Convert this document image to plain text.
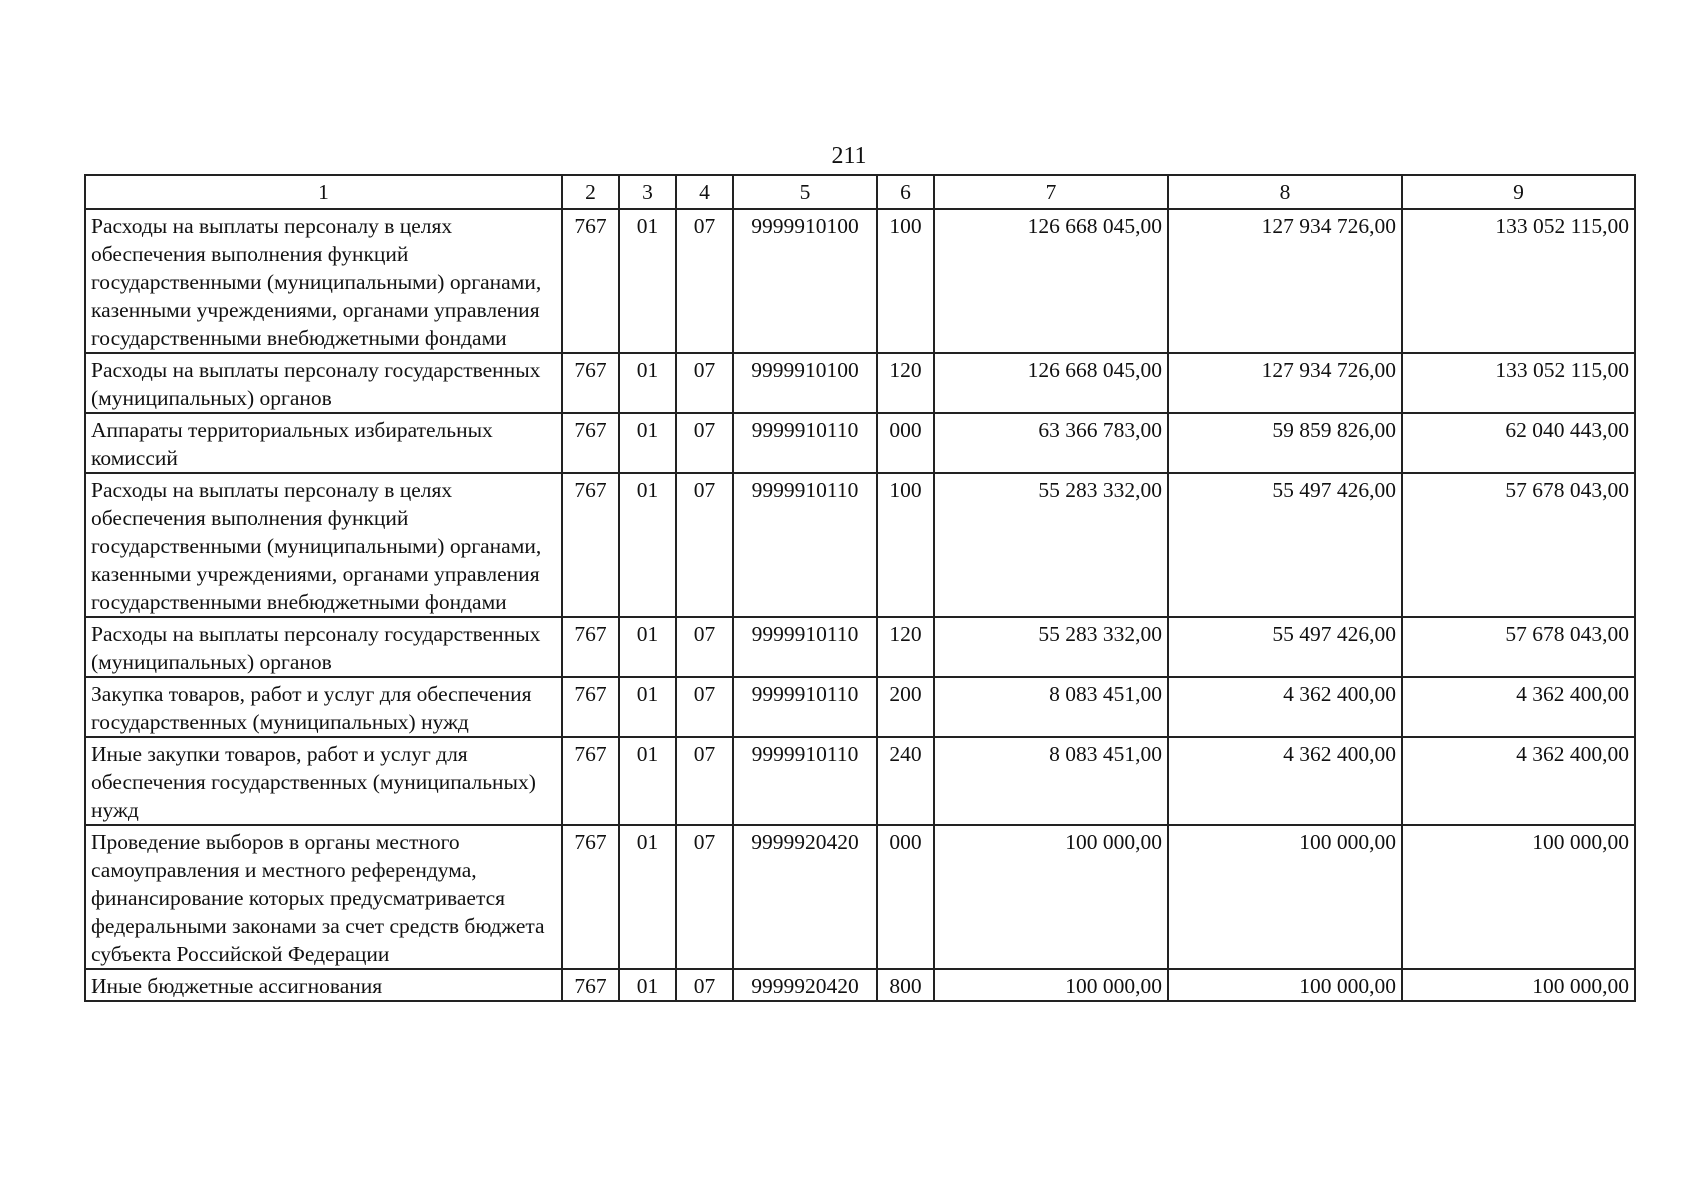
211
1	2	3	4	5	6	7	8	9
Расходы на выплаты персоналу в целях обеспечения выполнения функций государственными (муниципальными) органами, казенными учреждениями, органами управления государственными внебюджетными фондами	767	01	07	9999910100	100	126 668 045,00	127 934 726,00	133 052 115,00
Расходы на выплаты персоналу государственных (муниципальных) органов	767	01	07	9999910100	120	126 668 045,00	127 934 726,00	133 052 115,00
Аппараты территориальных избирательных комиссий	767	01	07	9999910110	000	63 366 783,00	59 859 826,00	62 040 443,00
Расходы на выплаты персоналу в целях обеспечения выполнения функций государственными (муниципальными) органами, казенными учреждениями, органами управления государственными внебюджетными фондами	767	01	07	9999910110	100	55 283 332,00	55 497 426,00	57 678 043,00
Расходы на выплаты персоналу государственных (муниципальных) органов	767	01	07	9999910110	120	55 283 332,00	55 497 426,00	57 678 043,00
Закупка товаров, работ и услуг для обеспечения государственных (муниципальных) нужд	767	01	07	9999910110	200	8 083 451,00	4 362 400,00	4 362 400,00
Иные закупки товаров, работ и услуг для обеспечения государственных (муниципальных) нужд	767	01	07	9999910110	240	8 083 451,00	4 362 400,00	4 362 400,00
Проведение выборов в органы местного самоуправления и местного референдума, финансирование которых предусматривается федеральными законами за счет средств бюджета субъекта Российской Федерации	767	01	07	9999920420	000	100 000,00	100 000,00	100 000,00
Иные бюджетные ассигнования	767	01	07	9999920420	800	100 000,00	100 000,00	100 000,00
